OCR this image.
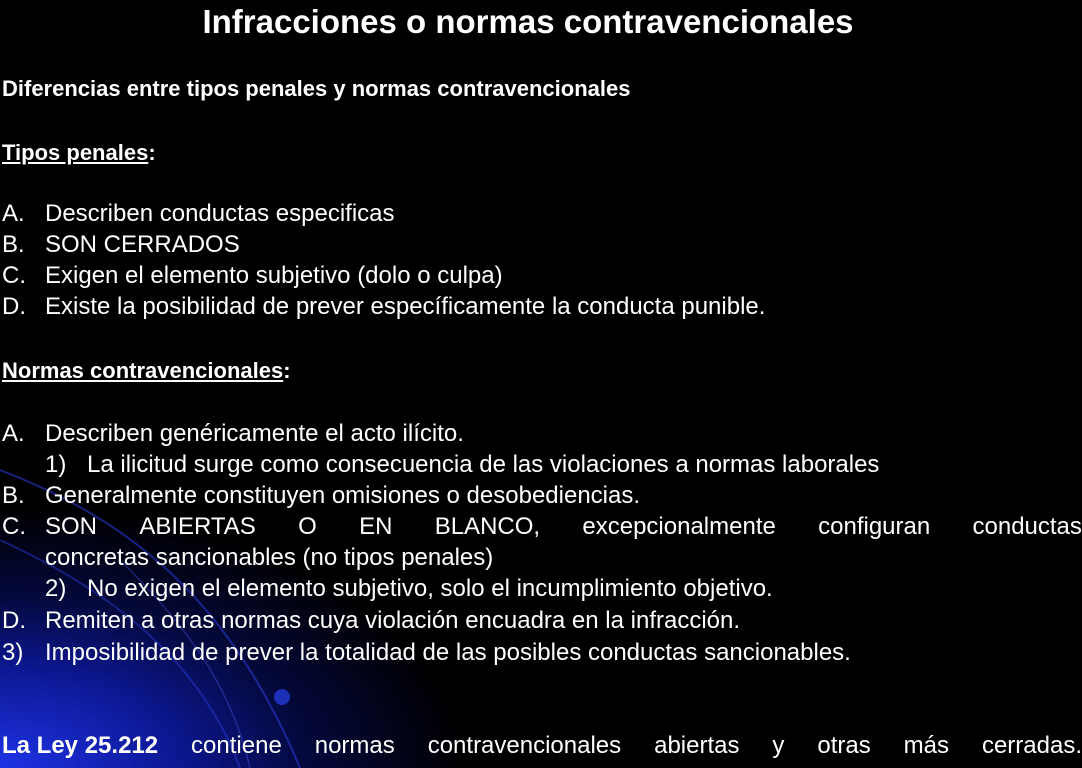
Infracciones o normas contravencionales
Diferencias entre tipos penales y normas contravencionales
Tipos penales:
A. Describen conductas especificas
B. SON CERRADOS
C. Exigen el elemento subjetivo (dolo o culpa)
D. Existe la posibilidad de prever específicamente la conducta punible.
Normas contravencionales:
A. Describen genéricamente el acto ilícito.
1) La ilicitud surge como consecuencia de las violaciones a normas laborales
B. Generalmente constituyen omisiones o desobediencias.
C. SON ABIERTAS O EN BLANCO, excepcionalmente configuran conductas
concretas sancionables (no tipos penales)
2) No exigen el elemento subjetivo, solo el incumplimiento objetivo.
D. Remiten a otras normas cuya violación encuadra en la infracción.
3) Imposibilidad de prever la totalidad de las posibles conductas sancionables.
La Ley 25.212 contiene normas contravencionales abiertas y otras más cerradas.
